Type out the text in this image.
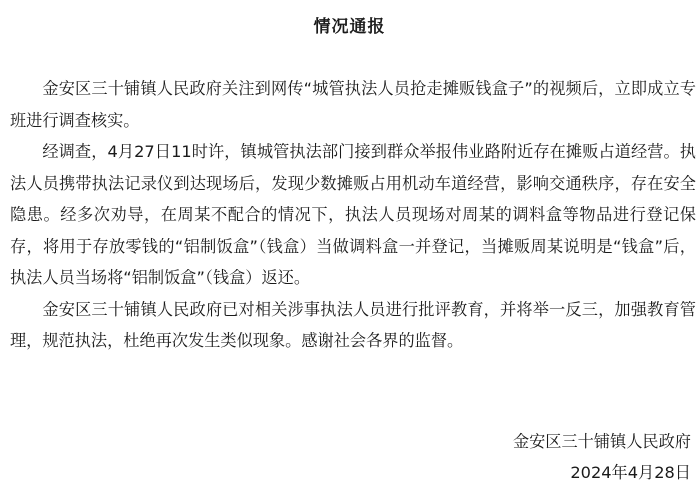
情况通报

金安区三十铺镇人民政府关注到网传“城管执法人员抢走摊贩钱盒子”的视频后，立即成立专班进行调查核实。

经调查，4月27日11时许，镇城管执法部门接到群众举报伟业路附近存在摊贩占道经营。执法人员携带执法记录仪到达现场后，发现少数摊贩占用机动车道经营，影响交通秩序，存在安全隐患。经多次劝导，在周某不配合的情况下，执法人员现场对周某的调料盒等物品进行登记保存，将用于存放零钱的“铝制饭盒”（钱盒）当做调料盒一并登记，当摊贩周某说明是“钱盒”后，执法人员当场将“铝制饭盒”（钱盒）返还。

金安区三十铺镇人民政府已对相关涉事执法人员进行批评教育，并将举一反三，加强教育管理，规范执法，杜绝再次发生类似现象。感谢社会各界的监督。

金安区三十铺镇人民政府
2024年4月28日
